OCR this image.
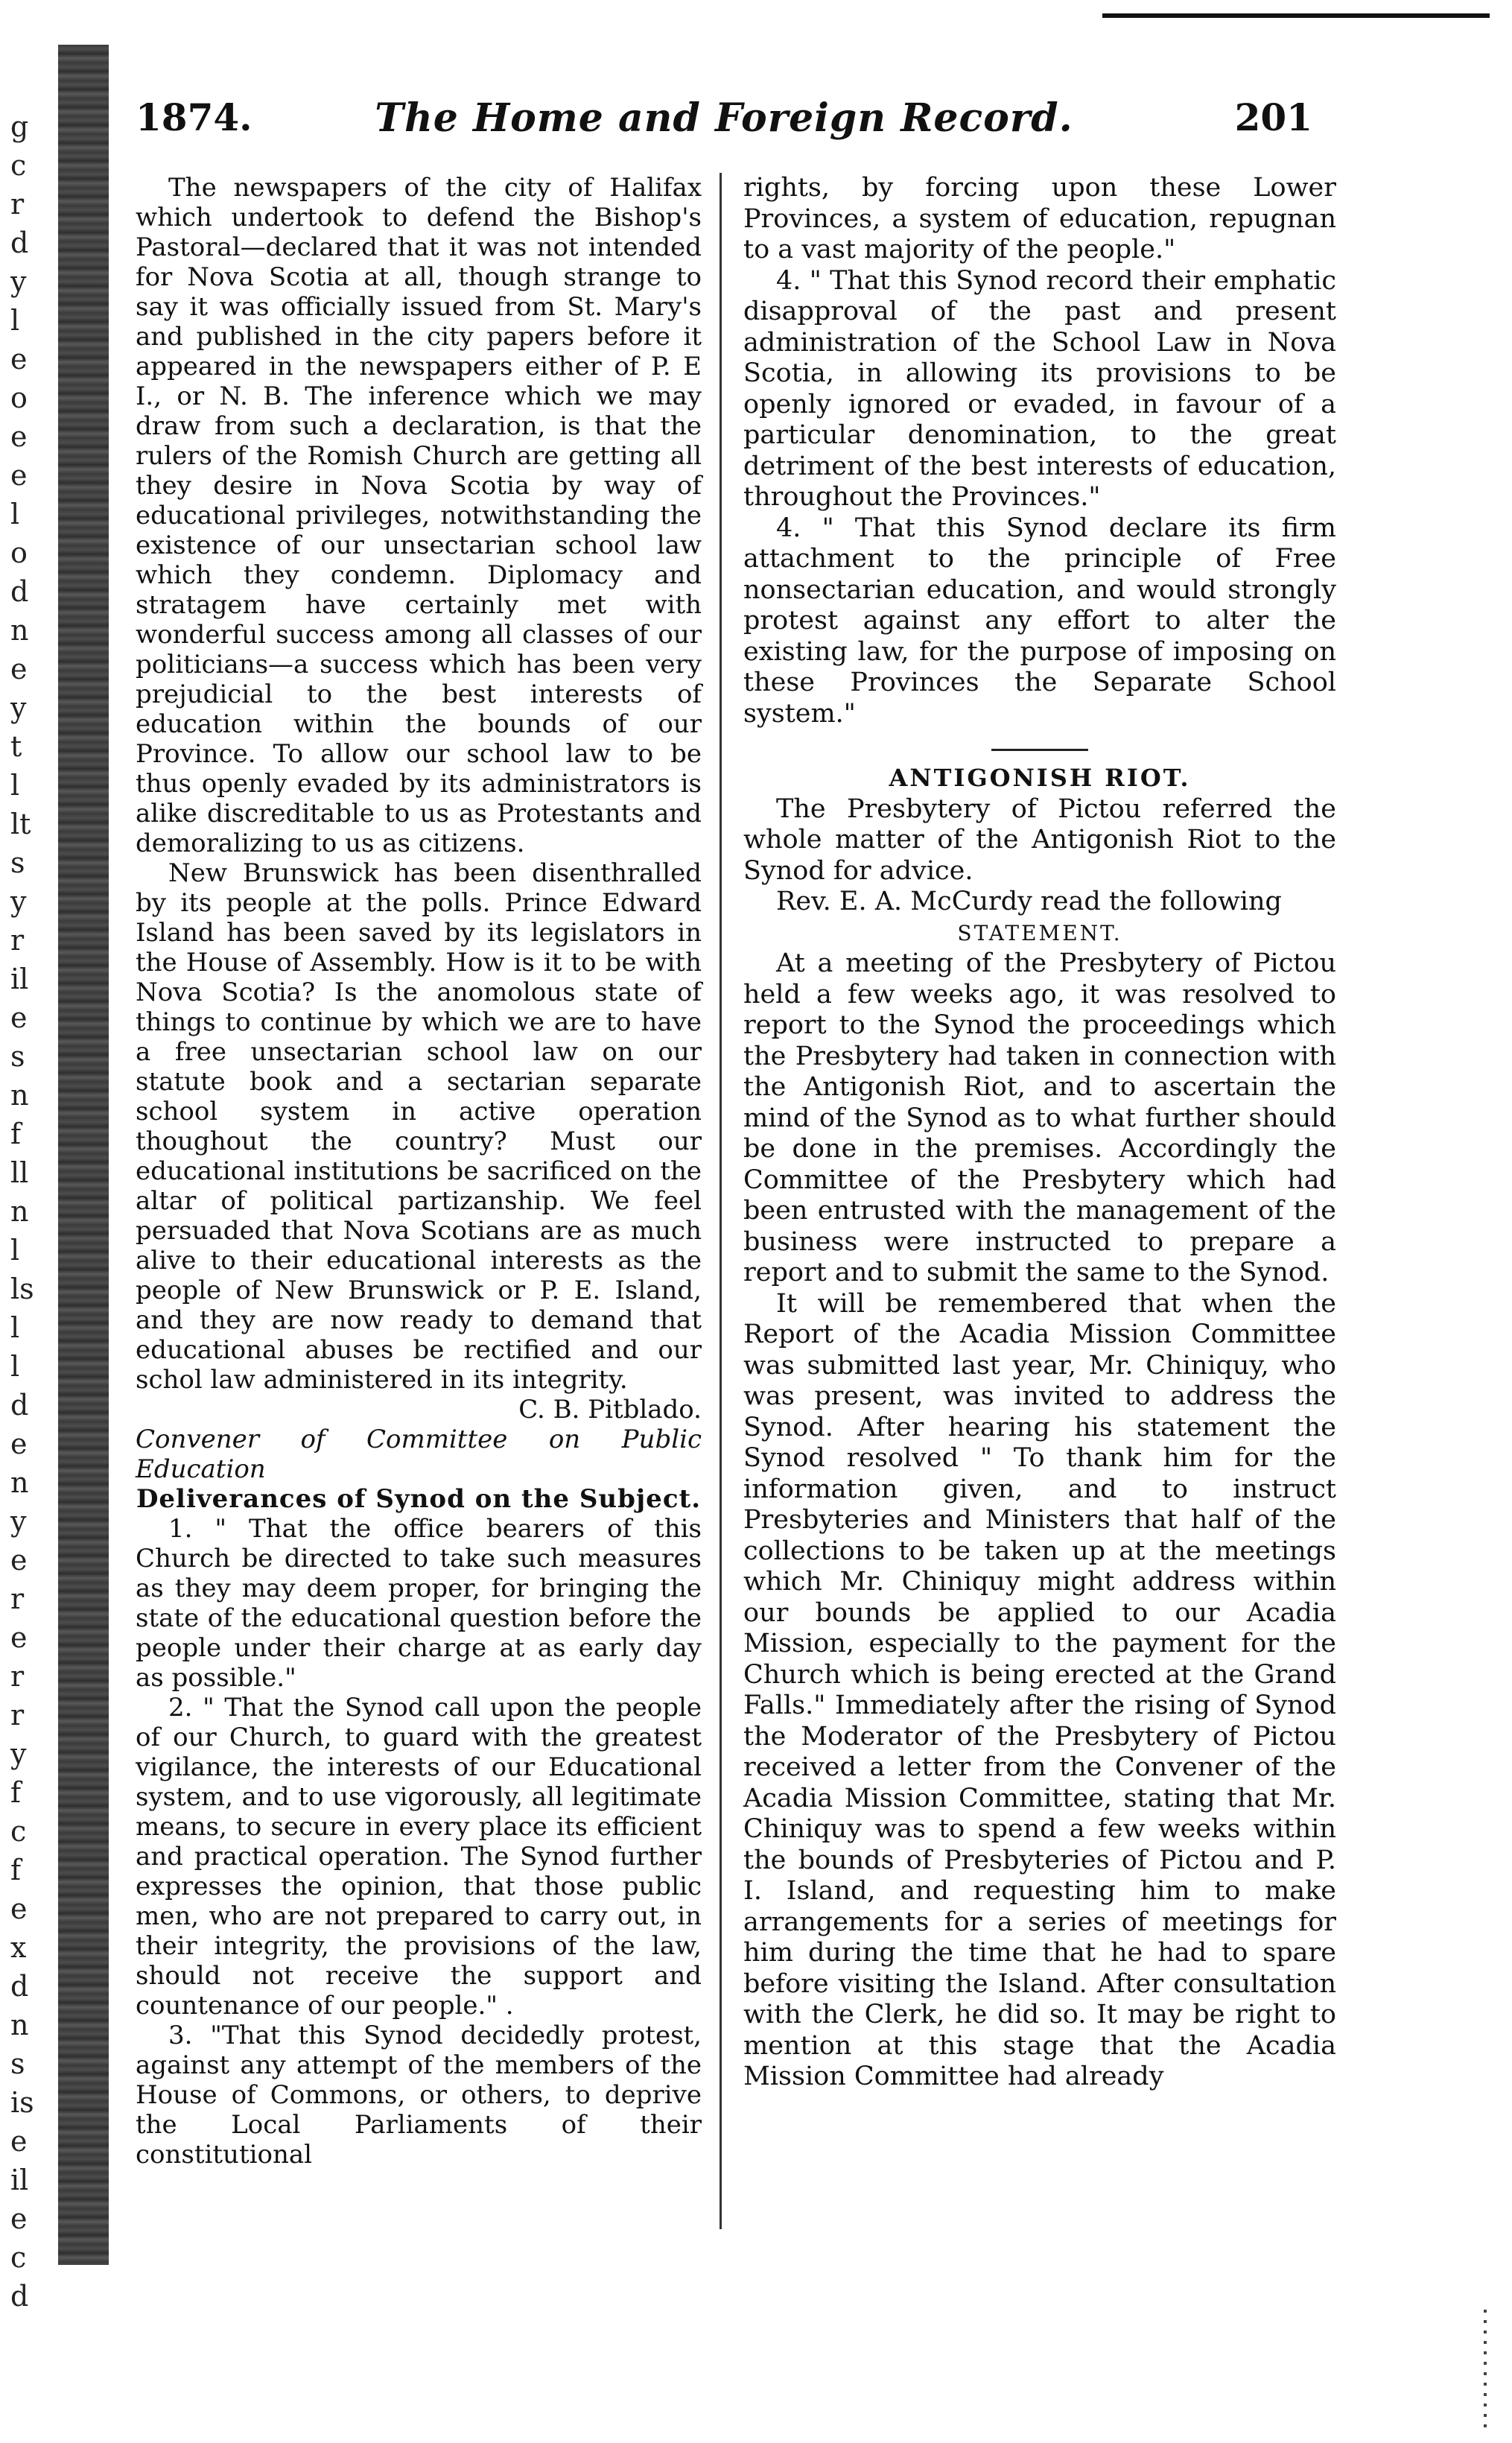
g
c
r
d
y
l
e
o
e
e
l
o
d
n
e
y
t
l
lt
s
y
r
il
e
s
n
f
ll
n
l
ls
l
l
d
e
n
y
e
r
e
r
r
y
f
c
f
e
x
d
n
s
is
e
il
e
c
d
1874.	The Home and Foreign Record.	201

The newspapers of the city of Halifax which undertook to defend the Bishop's Pastoral—declared that it was not intended for Nova Scotia at all, though strange to say it was officially issued from St. Mary's and published in the city papers before it appeared in the newspapers either of P. E I., or N. B. The inference which we may draw from such a declaration, is that the rulers of the Romish Church are getting all they desire in Nova Scotia by way of educational privileges, notwithstanding the existence of our unsectarian school law which they condemn. Diplomacy and stratagem have certainly met with wonderful success among all classes of our politicians—a success which has been very prejudicial to the best interests of education within the bounds of our Province. To allow our school law to be thus openly evaded by its administrators is alike discreditable to us as Protestants and demoralizing to us as citizens.

New Brunswick has been disenthralled by its people at the polls. Prince Edward Island has been saved by its legislators in the House of Assembly. How is it to be with Nova Scotia? Is the anomolous state of things to continue by which we are to have a free unsectarian school law on our statute book and a sectarian separate school system in active operation thoughout the country? Must our educational institutions be sacrificed on the altar of political partizanship. We feel persuaded that Nova Scotians are as much alive to their educational interests as the people of New Brunswick or P. E. Island, and they are now ready to demand that educational abuses be rectified and our schol law administered in its integrity.

C. B. Pitblado.

Convener of Committee on Public Education

Deliverances of Synod on the Subject.

1. " That the office bearers of this Church be directed to take such measures as they may deem proper, for bringing the state of the educational question before the people under their charge at as early day as possible."

2. " That the Synod call upon the people of our Church, to guard with the greatest vigilance, the interests of our Educational system, and to use vigorously, all legitimate means, to secure in every place its efficient and practical operation. The Synod further expresses the opinion, that those public men, who are not prepared to carry out, in their integrity, the provisions of the law, should not receive the support and countenance of our people." .

3. "That this Synod decidedly protest, against any attempt of the members of the House of Commons, or others, to deprive the Local Parliaments of their constitutional

rights, by forcing upon these Lower Provinces, a system of education, repugnan to a vast majority of the people."

4. " That this Synod record their emphatic disapproval of the past and present administration of the School Law in Nova Scotia, in allowing its provisions to be openly ignored or evaded, in favour of a particular denomination, to the great detriment of the best interests of education, throughout the Provinces."

4. " That this Synod declare its firm attachment to the principle of Free nonsectarian education, and would strongly protest against any effort to alter the existing law, for the purpose of imposing on these Provinces the Separate School system."

ANTIGONISH RIOT.

The Presbytery of Pictou referred the whole matter of the Antigonish Riot to the Synod for advice.

Rev. E. A. McCurdy read the following

STATEMENT.

At a meeting of the Presbytery of Pictou held a few weeks ago, it was resolved to report to the Synod the proceedings which the Presbytery had taken in connection with the Antigonish Riot, and to ascertain the mind of the Synod as to what further should be done in the premises. Accordingly the Committee of the Presbytery which had been entrusted with the management of the business were instructed to prepare a report and to submit the same to the Synod.

It will be remembered that when the Report of the Acadia Mission Committee was submitted last year, Mr. Chiniquy, who was present, was invited to address the Synod. After hearing his statement the Synod resolved " To thank him for the information given, and to instruct Presbyteries and Ministers that half of the collections to be taken up at the meetings which Mr. Chiniquy might address within our bounds be applied to our Acadia Mission, especially to the payment for the Church which is being erected at the Grand Falls." Immediately after the rising of Synod the Moderator of the Presbytery of Pictou received a letter from the Convener of the Acadia Mission Committee, stating that Mr. Chiniquy was to spend a few weeks within the bounds of Presbyteries of Pictou and P. I. Island, and requesting him to make arrangements for a series of meetings for him during the time that he had to spare before visiting the Island. After consultation with the Clerk, he did so. It may be right to mention at this stage that the Acadia Mission Committee had already
